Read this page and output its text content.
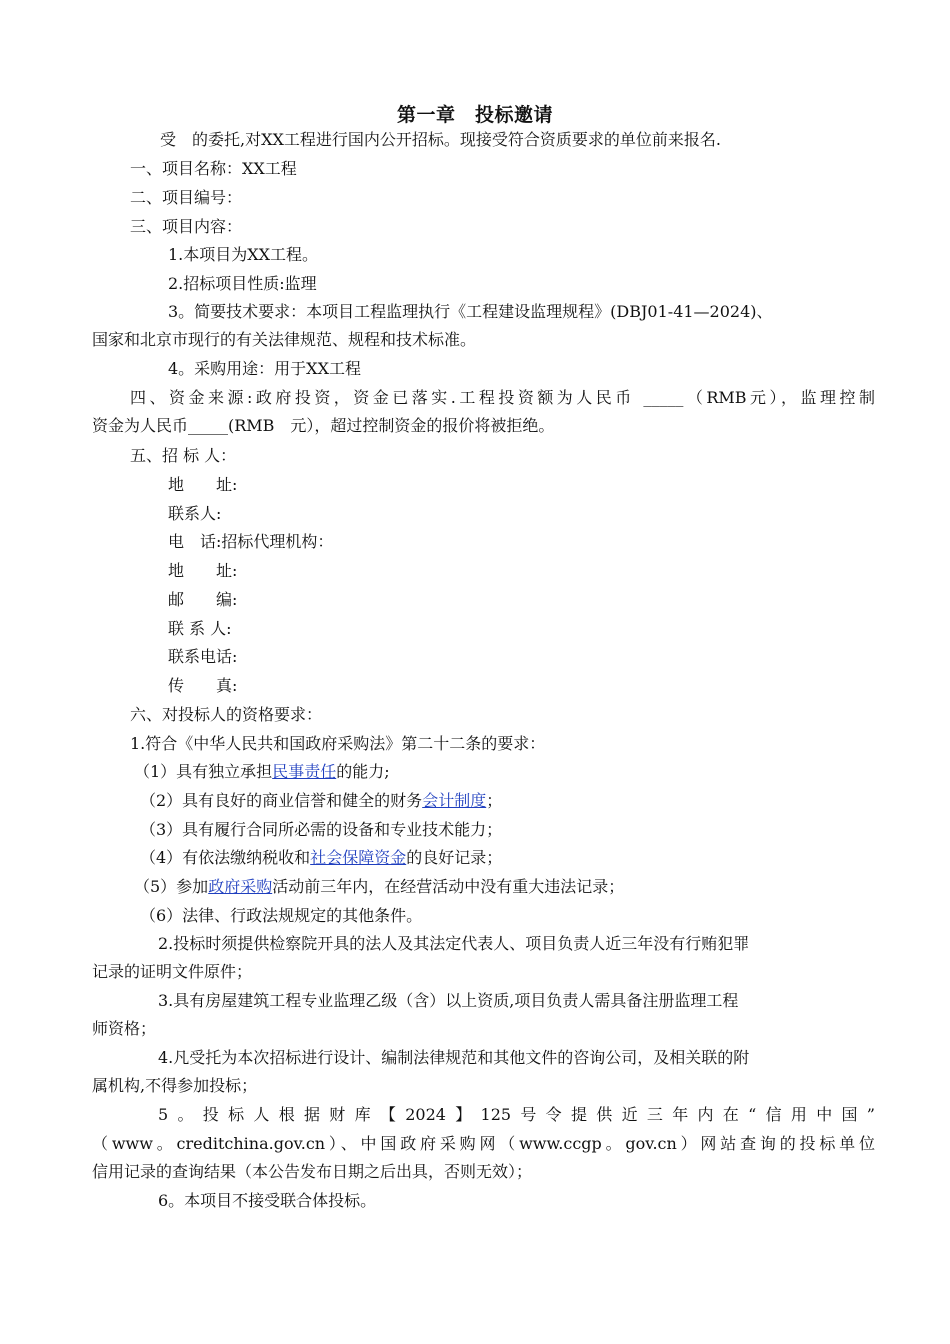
第一章　投标邀请
受　的委托,对XX工程进行国内公开招标。现接受符合资质要求的单位前来报名.
一、项目名称：XX工程
二、项目编号：
三、项目内容：
1.本项目为XX工程。
2.招标项目性质:监理
3。简要技术要求：本项目工程监理执行《工程建设监理规程》(DBJ01-41—2024)、
国家和北京市现行的有关法律规范、规程和技术标准。
4。采购用途：用于XX工程
四、资金来源:政府投资，资金已落实.工程投资额为人民币 _____（RMB元），监理控制
资金为人民币_____(RMB　元），超过控制资金的报价将被拒绝。
五、招 标 人：
地　　址:
联系人:
电　话:招标代理机构：
地　　址:
邮　　编:
联 系 人:
联系电话:
传　　真:
六、对投标人的资格要求：
1.符合《中华人民共和国政府采购法》第二十二条的要求：
（1）具有独立承担民事责任的能力;
（2）具有良好的商业信誉和健全的财务会计制度；
（3）具有履行合同所必需的设备和专业技术能力；
（4）有依法缴纳税收和社会保障资金的良好记录；
（5）参加政府采购活动前三年内，在经营活动中没有重大违法记录；
（6）法律、行政法规规定的其他条件。
2.投标时须提供检察院开具的法人及其法定代表人、项目负责人近三年没有行贿犯罪
记录的证明文件原件；
3.具有房屋建筑工程专业监理乙级（含）以上资质,项目负责人需具备注册监理工程
师资格；
4.凡受托为本次招标进行设计、编制法律规范和其他文件的咨询公司，及相关联的附
属机构,不得参加投标；
5。投标人根据财库【2024】125号令提供近三年内在“信用中国”
（www。creditchina.gov.cn）、中国政府采购网（www.ccgp。gov.cn）网站查询的投标单位
信用记录的查询结果（本公告发布日期之后出具，否则无效）；
6。本项目不接受联合体投标。
